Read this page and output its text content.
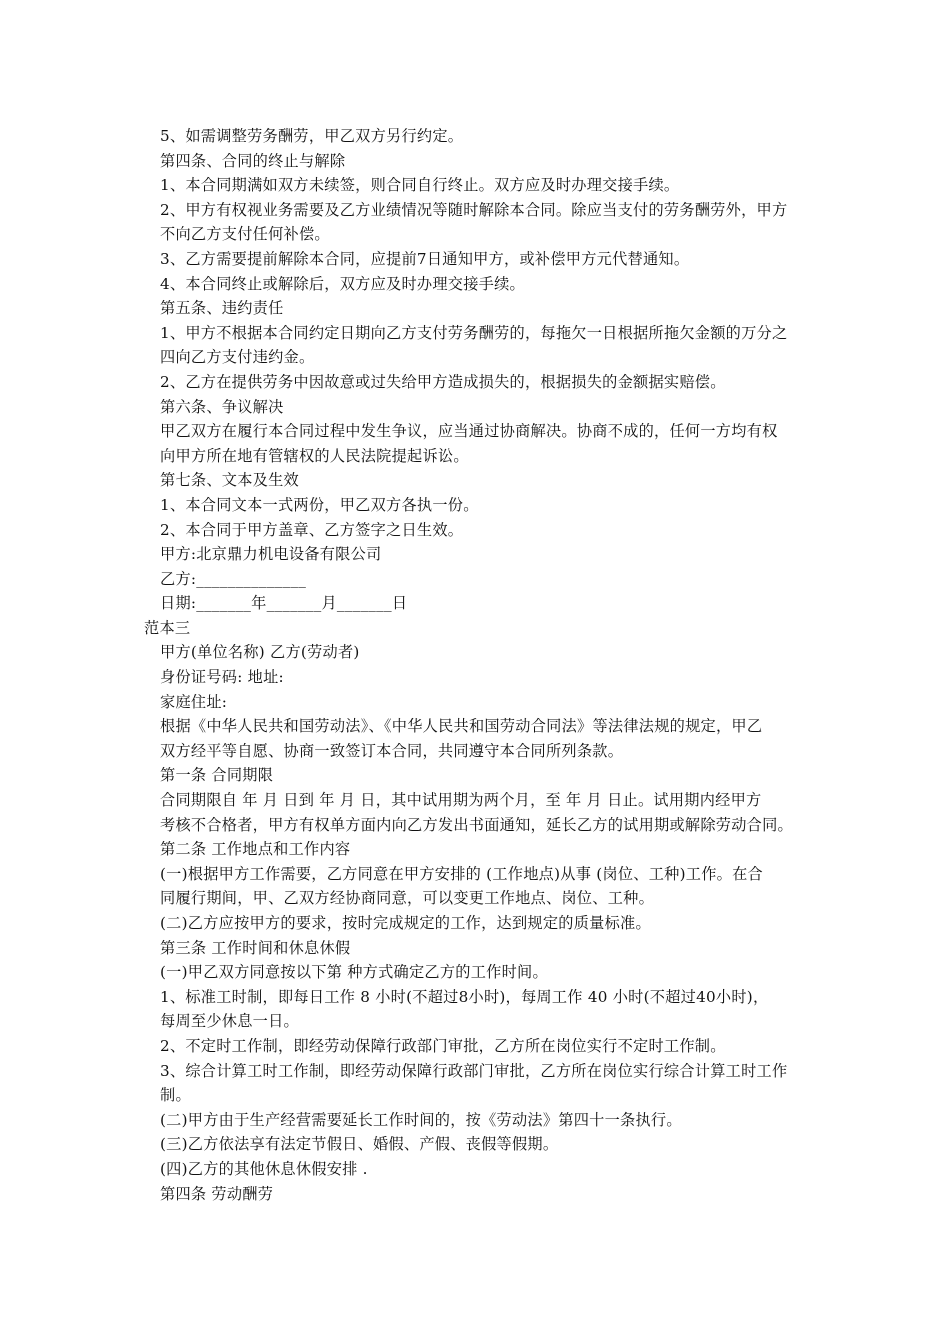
5、如需调整劳务酬劳，甲乙双方另行约定。
第四条、合同的终止与解除
1、本合同期满如双方未续签，则合同自行终止。双方应及时办理交接手续。
2、甲方有权视业务需要及乙方业绩情况等随时解除本合同。除应当支付的劳务酬劳外，甲方
不向乙方支付任何补偿。
3、乙方需要提前解除本合同，应提前7日通知甲方，或补偿甲方元代替通知。
4、本合同终止或解除后，双方应及时办理交接手续。
第五条、违约责任
1、甲方不根据本合同约定日期向乙方支付劳务酬劳的，每拖欠一日根据所拖欠金额的万分之
四向乙方支付违约金。
2、乙方在提供劳务中因故意或过失给甲方造成损失的，根据损失的金额据实赔偿。
第六条、争议解决
甲乙双方在履行本合同过程中发生争议，应当通过协商解决。协商不成的，任何一方均有权
向甲方所在地有管辖权的人民法院提起诉讼。
第七条、文本及生效
1、本合同文本一式两份，甲乙双方各执一份。
2、本合同于甲方盖章、乙方签字之日生效。
甲方:北京鼎力机电设备有限公司
乙方:______________
日期:_______年_______月_______日
范本三
甲方(单位名称) 乙方(劳动者)
身份证号码: 地址:
家庭住址:
根据《中华人民共和国劳动法》、《中华人民共和国劳动合同法》等法律法规的规定，甲乙
双方经平等自愿、协商一致签订本合同，共同遵守本合同所列条款。
第一条 合同期限
合同期限自 年 月 日到 年 月 日，其中试用期为两个月，至 年 月 日止。试用期内经甲方
考核不合格者，甲方有权单方面内向乙方发出书面通知，延长乙方的试用期或解除劳动合同。
第二条 工作地点和工作内容
(一)根据甲方工作需要，乙方同意在甲方安排的 (工作地点)从事 (岗位、工种)工作。在合
同履行期间，甲、乙双方经协商同意，可以变更工作地点、岗位、工种。
(二)乙方应按甲方的要求，按时完成规定的工作，达到规定的质量标准。
第三条 工作时间和休息休假
(一)甲乙双方同意按以下第 种方式确定乙方的工作时间。
1、标准工时制，即每日工作 8 小时(不超过8小时)，每周工作 40 小时(不超过40小时)，
每周至少休息一日。
2、不定时工作制，即经劳动保障行政部门审批，乙方所在岗位实行不定时工作制。
3、综合计算工时工作制，即经劳动保障行政部门审批，乙方所在岗位实行综合计算工时工作
制。
(二)甲方由于生产经营需要延长工作时间的，按《劳动法》第四十一条执行。
(三)乙方依法享有法定节假日、婚假、产假、丧假等假期。
(四)乙方的其他休息休假安排 .
第四条 劳动酬劳
